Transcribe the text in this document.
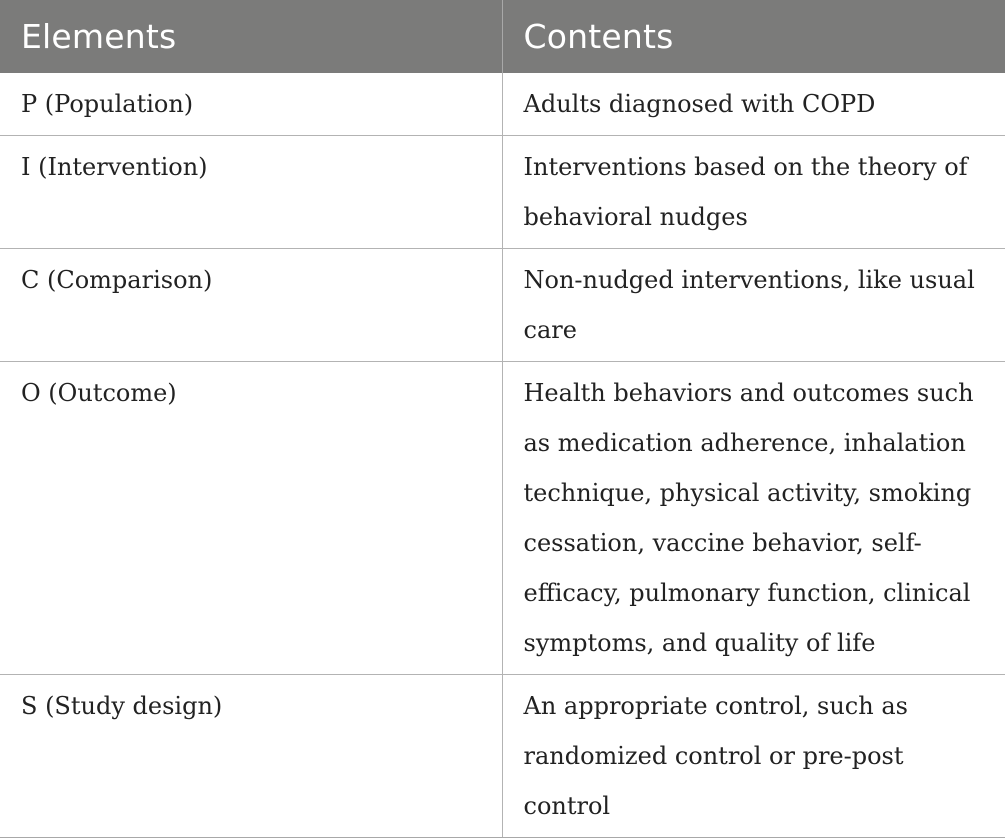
Elements	Contents
P (Population)	Adults diagnosed with COPD
I (Intervention)	Interventions based on the theory of behavioral nudges
C (Comparison)	Non-nudged interventions, like usual care
O (Outcome)	Health behaviors and outcomes such as medication adherence, inhalation technique, physical activity, smoking cessation, vaccine behavior, self-efficacy, pulmonary function, clinical symptoms, and quality of life
S (Study design)	An appropriate control, such as randomized control or pre-post control
